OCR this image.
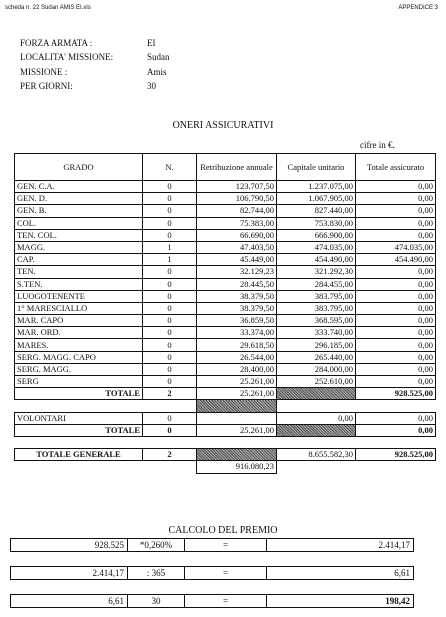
scheda n. 22 Sudan AMIS EI.xls	APPENDICE 3
FORZA ARMATA :	EI
LOCALITA' MISSIONE:	Sudan
MISSIONE :	Amis
PER GIORNI:	30
ONERI ASSICURATIVI
cifre in €.
GRADO	N.	Retribuzione annuale	Capitale unitario	Totale assicurato
GEN. C.A.	0	123.707,50	1.237.075,00	0,00
GEN. D.	0	106.790,50	1.067.905,00	0,00
GEN. B.	0	82.744,00	827.440,00	0,00
COL.	0	75.383,00	753.830,00	0,00
TEN. COL.	0	66.690,00	666.900,00	0,00
MAGG.	1	47.403,50	474.035,00	474.035,00
CAP.	1	45.449,00	454.490,00	454.490,00
TEN.	0	32.129,23	321.292,30	0,00
S.TEN.	0	28.445,50	284.455,00	0,00
LUOGOTENENTE	0	38.379,50	383.795,00	0,00
1° MARESCIALLO	0	38.379,50	383.795,00	0,00
MAR. CAPO	0	36.859,50	368.595,00	0,00
MAR. ORD.	0	33.374,00	333.740,00	0,00
MARES.	0	29.618,50	296.185,00	0,00
SERG. MAGG. CAPO	0	26.544,00	265.440,00	0,00
SERG. MAGG.	0	28.400,00	284.000,00	0,00
SERG	0	25.261,00	252.610,00	0,00
TOTALE	2	25.261,00		928.525,00

VOLONTARI	0		0,00	0,00
TOTALE	0	25.261,00		0,00

TOTALE GENERALE	2		8.655.582,30	928.525,00
		916.080,23		
CALCOLO DEL PREMIO
928.525	*0,260%	=	2.414,17
2.414,17	: 365	=	6,61
6,61	30	=	198,42
